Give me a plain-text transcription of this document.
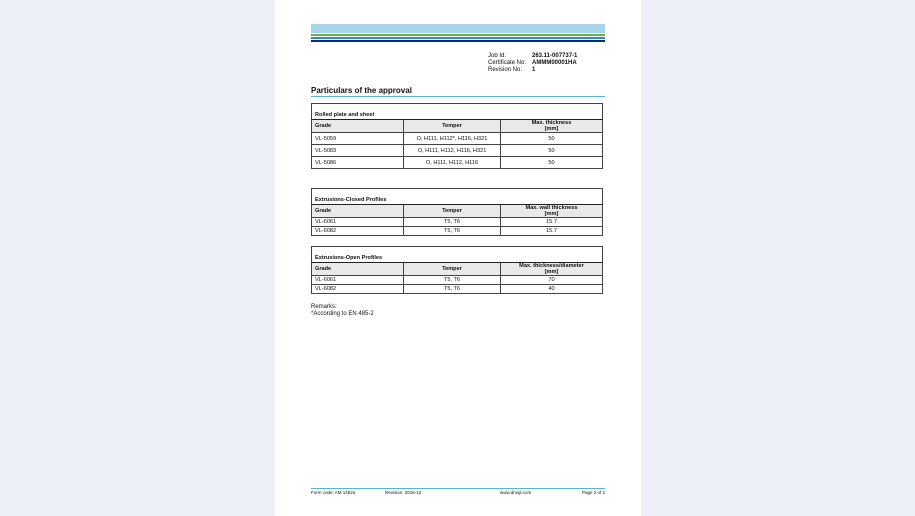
Job Id:	263.11-007737-1
Certificate No: AMMM00001HA
Revision No:	1
Particulars of the approval
Rolled plate and sheet		
Grade	Temper	Max. thickness
[mm]
VL-5059	O, H111, H112*, H116, H321	50
VL-5083	O, H111, H112, H116, H321	50
VL-5086	O, H111, H112, H116	50
Extrusions-Closed Profiles		
Grade	Temper	Max. wall thickness
[mm]
VL-6061	T5, T6	15.7
VL-6082	T5, T6	15.7
Extrusions-Open Profiles		
Grade	Temper	Max. thickness/diameter
[mm]
VL-6061	T5, T6	70
VL-6082	T5, T6	40
Remarks:
*According to EN 485-2
Form code: AM 1462a	Revision: 2016-12	www.dnvgl.com	Page 2 of 2
